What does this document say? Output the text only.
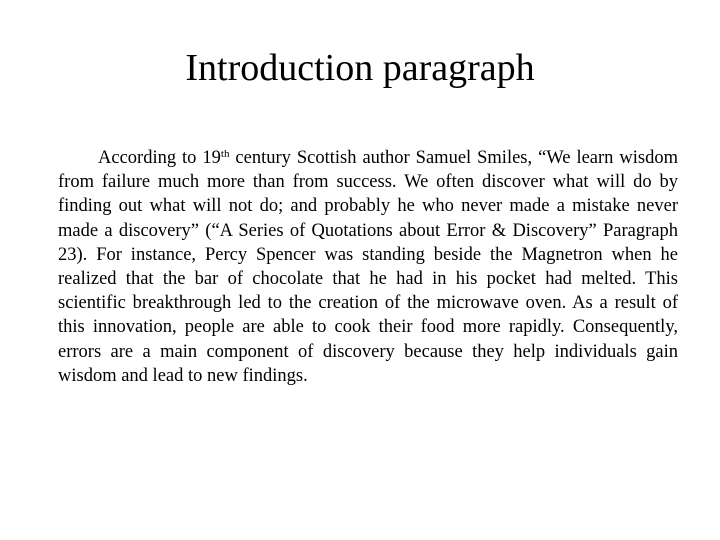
Introduction paragraph

According to 19th century Scottish author Samuel Smiles, “We learn wisdom from failure much more than from success. We often discover what will do by finding out what will not do; and probably he who never made a mistake never made a discovery” (“A Series of Quotations about Error & Discovery” Paragraph 23). For instance, Percy Spencer was standing beside the Magnetron when he realized that the bar of chocolate that he had in his pocket had melted. This scientific breakthrough led to the creation of the microwave oven. As a result of this innovation, people are able to cook their food more rapidly. Consequently, errors are a main component of discovery because they help individuals gain wisdom and lead to new findings.
